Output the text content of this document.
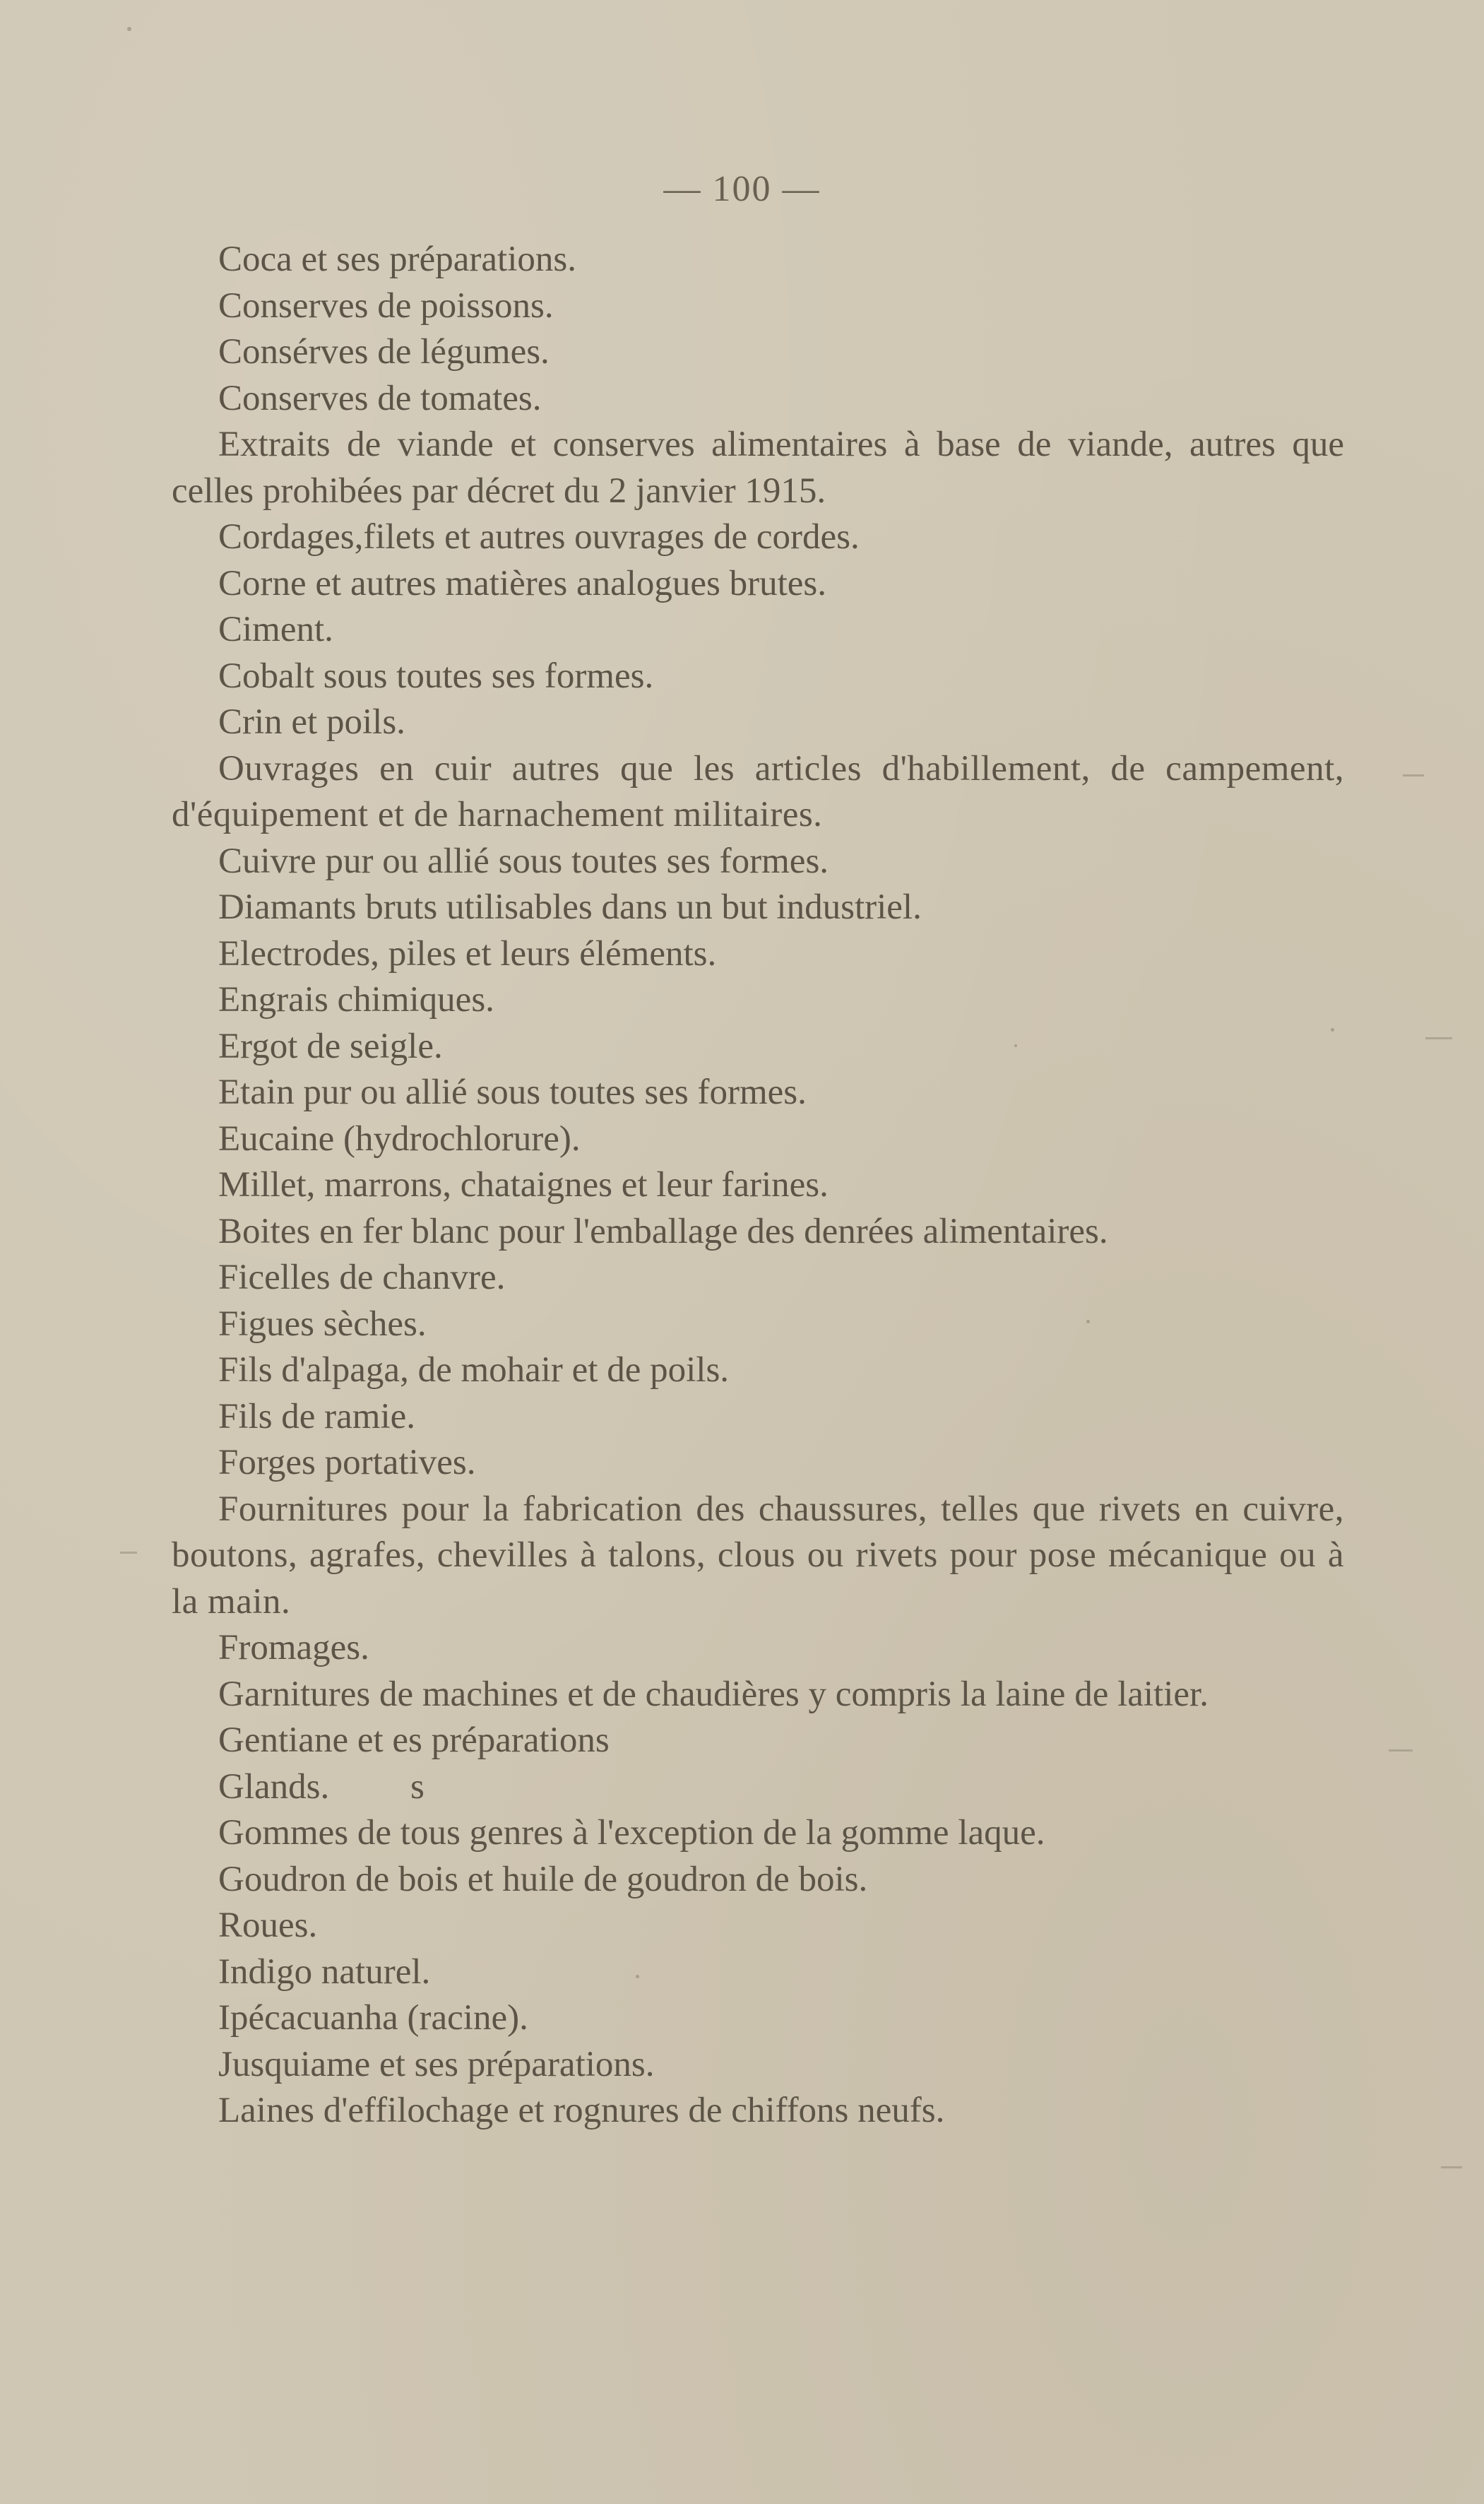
— 100 —

Coca et ses préparations.

Conserves de poissons.

Consérves de légumes.

Conserves de tomates.

Extraits de viande et conserves alimentaires à base de viande, autres que celles prohibées par décret du 2 janvier 1915.

Cordages,filets et autres ouvrages de cordes.

Corne et autres matières analogues brutes.

Ciment.

Cobalt sous toutes ses formes.

Crin et poils.

Ouvrages en cuir autres que les articles d'habillement, de campement, d'équipement et de harnachement militaires.

Cuivre pur ou allié sous toutes ses formes.

Diamants bruts utilisables dans un but industriel.

Electrodes, piles et leurs éléments.

Engrais chimiques.

Ergot de seigle.

Etain pur ou allié sous toutes ses formes.

Eucaine (hydrochlorure).

Millet, marrons, chataignes et leur farines.

Boites en fer blanc pour l'emballage des denrées alimentaires.

Ficelles de chanvre.

Figues sèches.

Fils d'alpaga, de mohair et de poils.

Fils de ramie.

Forges portatives.

Fournitures pour la fabrication des chaussures, telles que rivets en cuivre, boutons, agrafes, chevilles à talons, clous ou rivets pour pose mécanique ou à la main.

Fromages.

Garnitures de machines et de chaudières y compris la laine de laitier.

Gentiane et es préparations

Glands.         s

Gommes de tous genres à l'exception de la gomme laque.

Goudron de bois et huile de goudron de bois.

Roues.

Indigo naturel.

Ipécacuanha (racine).

Jusquiame et ses préparations.

Laines d'effilochage et rognures de chiffons neufs.
